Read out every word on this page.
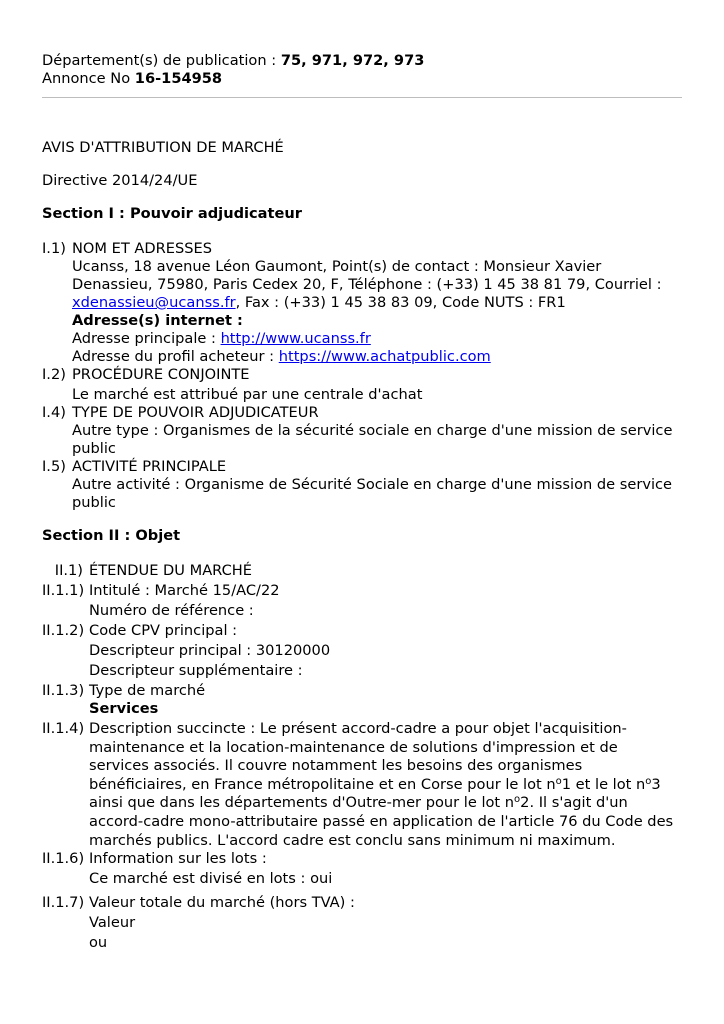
Département(s) de publication : 75, 971, 972, 973
Annonce No 16-154958
AVIS D'ATTRIBUTION DE MARCHÉ
Directive 2014/24/UE
Section I : Pouvoir adjudicateur
I.1) NOM ET ADRESSES
Ucanss, 18 avenue Léon Gaumont, Point(s) de contact : Monsieur Xavier Denassieu, 75980, Paris Cedex 20, F, Téléphone : (+33) 1 45 38 81 79, Courriel : xdenassieu@ucanss.fr, Fax : (+33) 1 45 38 83 09, Code NUTS : FR1
Adresse(s) internet :
Adresse principale : http://www.ucanss.fr
Adresse du profil acheteur : https://www.achatpublic.com
I.2) PROCÉDURE CONJOINTE
Le marché est attribué par une centrale d'achat
I.4) TYPE DE POUVOIR ADJUDICATEUR
Autre type : Organismes de la sécurité sociale en charge d'une mission de service public
I.5) ACTIVITÉ PRINCIPALE
Autre activité : Organisme de Sécurité Sociale en charge d'une mission de service public
Section II : Objet
II.1) ÉTENDUE DU MARCHÉ
II.1.1) Intitulé : Marché 15/AC/22
Numéro de référence :
II.1.2) Code CPV principal :
Descripteur principal : 30120000
Descripteur supplémentaire :
II.1.3) Type de marché
Services
II.1.4) Description succincte : Le présent accord-cadre a pour objet l'acquisition-maintenance et la location-maintenance de solutions d'impression et de services associés. Il couvre notamment les besoins des organismes bénéficiaires, en France métropolitaine et en Corse pour le lot $n^o1$ et le lot $n^o3$ ainsi que dans les départements d'Outre-mer pour le lot $n^o2$. Il s'agit d'un accord-cadre mono-attributaire passé en application de l'article 76 du Code des marchés publics. L'accord cadre est conclu sans minimum ni maximum.
II.1.6) Information sur les lots :
Ce marché est divisé en lots : oui
II.1.7) Valeur totale du marché (hors TVA) :
Valeur
ou
